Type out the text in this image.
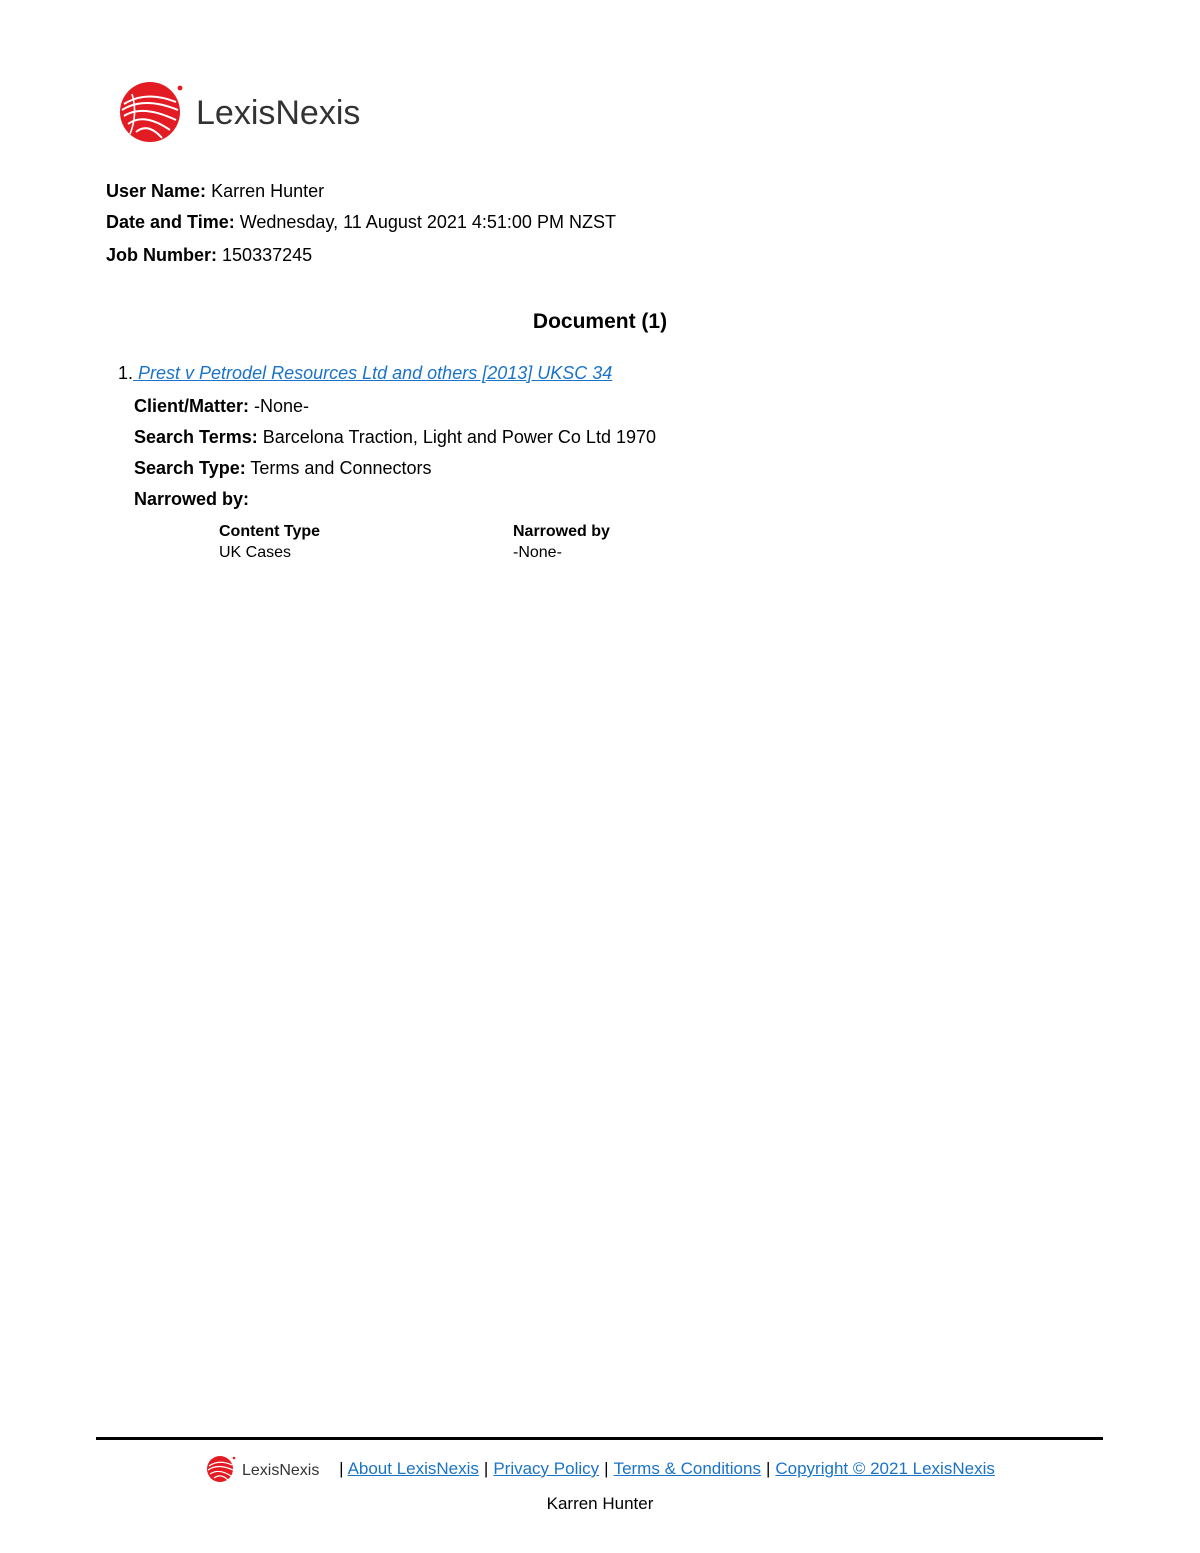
LexisNexis
User Name: Karren Hunter
Date and Time: Wednesday, 11 August 2021 4:51:00 PM NZST
Job Number: 150337245
Document (1)
1. Prest v Petrodel Resources Ltd and others [2013] UKSC 34
Client/Matter: -None-
Search Terms: Barcelona Traction, Light and Power Co Ltd 1970
Search Type: Terms and Connectors
Narrowed by:
Content Type	Narrowed by
UK Cases	-None-
LexisNexis | About LexisNexis | Privacy Policy | Terms & Conditions | Copyright © 2021 LexisNexis
Karren Hunter
